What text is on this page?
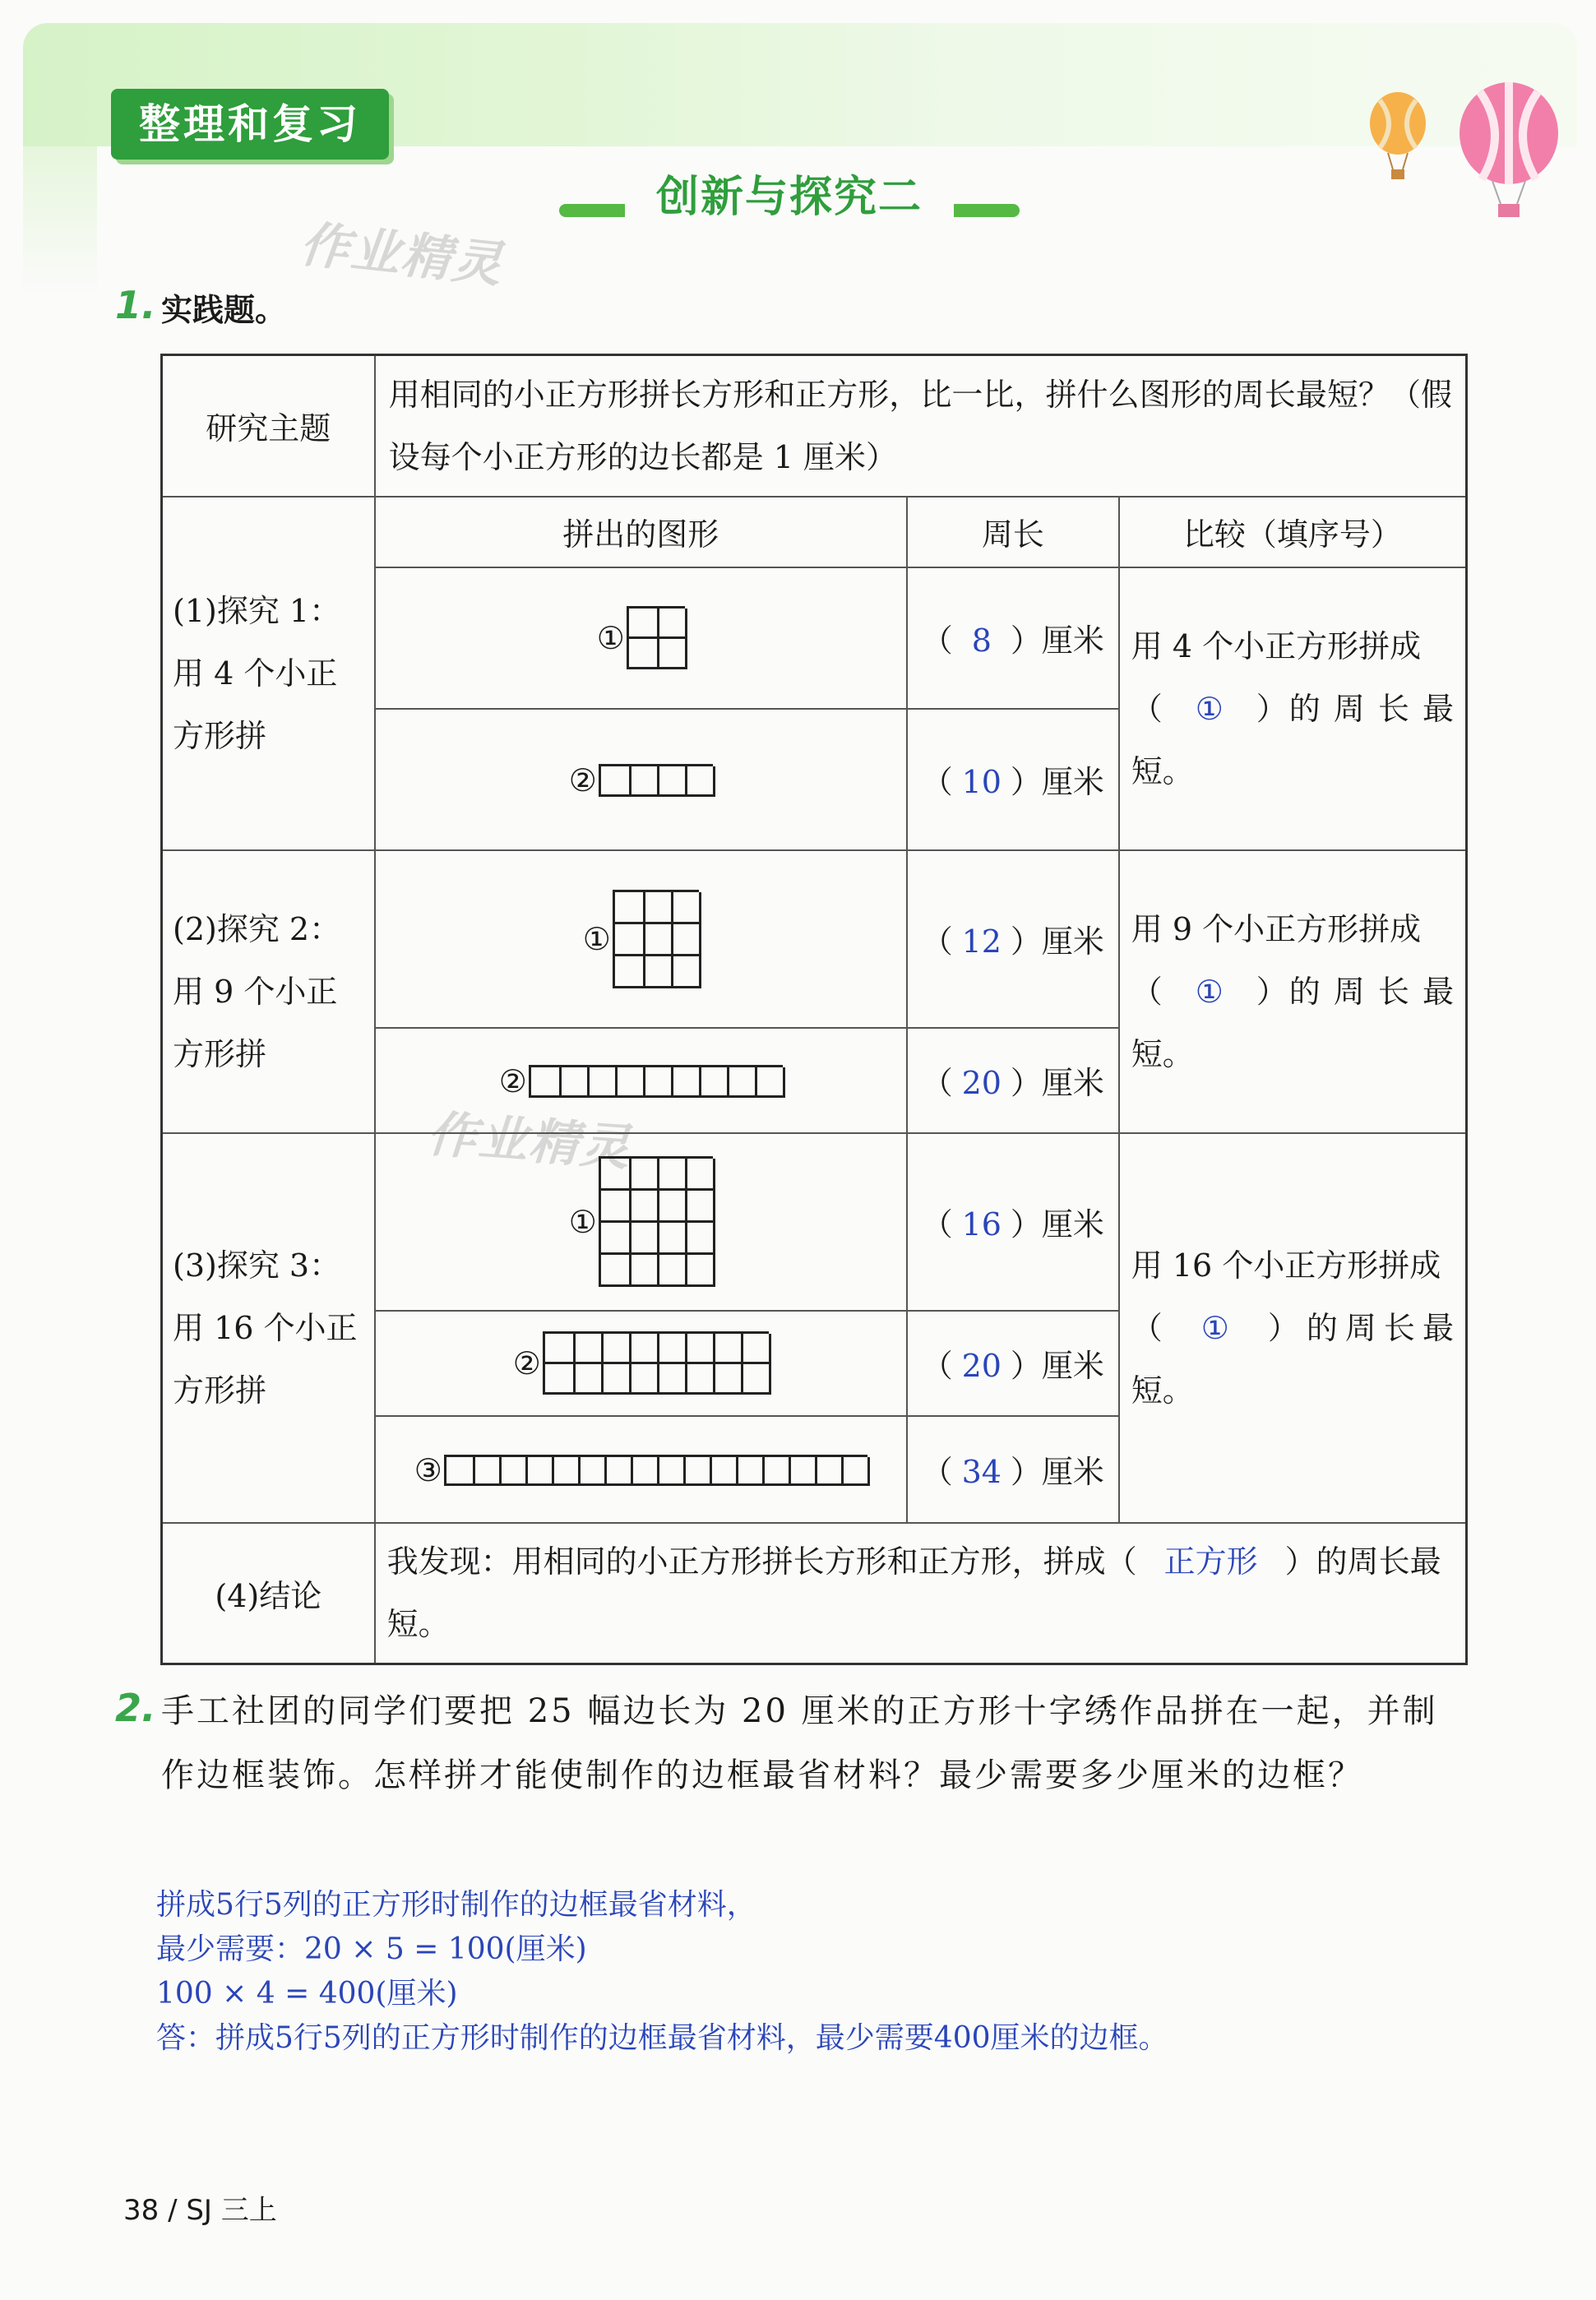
整理和复习
创新与探究二
作业精灵
作业精灵
1. 实践题。
研究主题	用相同的小正方形拼长方形和正方形，比一比，拼什么图形的周长最短？（假设每个小正方形的边长都是 1 厘米）		
(1)探究 1：用 4 个小正方形拼	拼出的图形	周长	比较（填序号）
	①	（ 8 ）厘米	用 4 个小正方形拼成
（ ① ）的 周 长 最短。
	②	（ 10 ）厘米	
(2)探究 2：用 9 个小正方形拼	①	（ 12 ）厘米	用 9 个小正方形拼成
（ ① ）的 周 长 最短。
	②	（ 20 ）厘米	
(3)探究 3：用 16 个小正方形拼	①	（ 16 ）厘米	用 16 个小正方形拼成
（ ① ）的周长最短。
	②	（ 20 ）厘米	
	③	（ 34 ）厘米	
(4)结论	我发现：用相同的小正方形拼长方形和正方形，拼成（ 正方形 ）的周长最短。		
2. 手工社团的同学们要把 25 幅边长为 20 厘米的正方形十字绣作品拼在一起，并制作边框装饰。怎样拼才能使制作的边框最省材料？最少需要多少厘米的边框？
拼成5行5列的正方形时制作的边框最省材料，
最少需要：20 × 5 = 100(厘米)
100 × 4 = 400(厘米)
答：拼成5行5列的正方形时制作的边框最省材料，最少需要400厘米的边框。
38 / SJ 三上
